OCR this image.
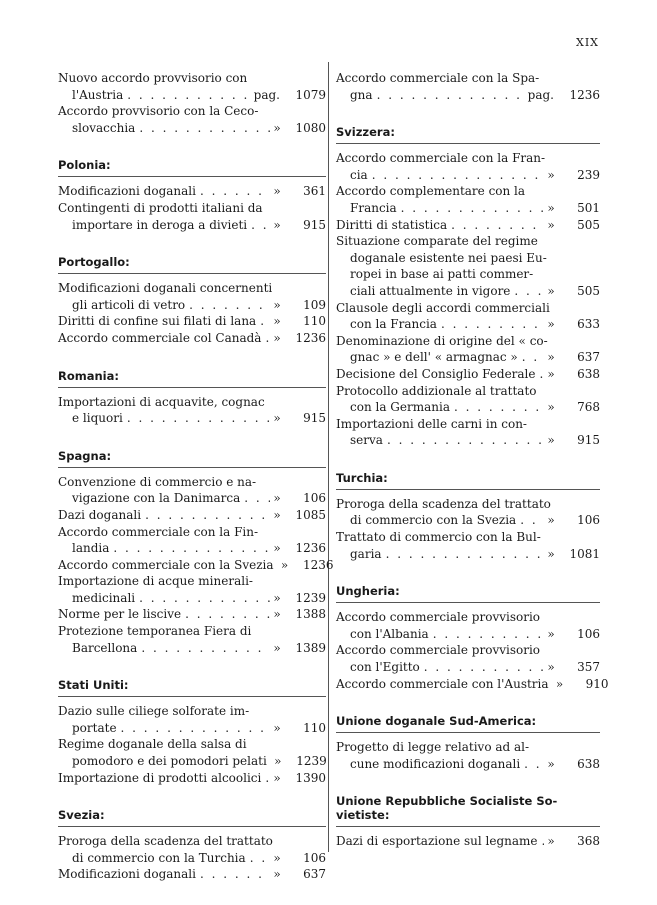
XIX
Nuovo accordo provvisorio con
l'Austria . . .	pag.	1079
Accordo provvisorio con la Ceco-
slovacchia . . .	»	1080
Polonia:
Modificazioni doganali . . .	»	361
Contingenti di prodotti italiani da
importare in deroga a divieti . . . »	915
Portogallo:
Modificazioni doganali concernenti
gli articoli di vetro . . .	»	109
Diritti di confine sui filati di lana . . . »	110
Accordo commerciale col Canadà . . . »	1236
Romania:
Importazioni di acquavite, cognac
e liquori . . .	»	915
Spagna:
Convenzione di commercio e na-
vigazione con la Danimarca . . .	»	106
Dazi doganali . . .	»	1085
Accordo commerciale con la Fin-
landia . . .	»	1236
Accordo commerciale con la Svezia . . . »	1236
Importazione di acque minerali-
medicinali . . .	»	1239
Norme per le liscive . . .	»	1388
Protezione temporanea Fiera di
Barcellona . . .	»	1389
Stati Uniti:
Dazio sulle ciliege solforate im-
portate . . .	»	110
Regime doganale della salsa di
pomodoro e dei pomodori pelati . . . »	1239
Importazione di prodotti alcoolici . . . »	1390
Svezia:
Proroga della scadenza del trattato
di commercio con la Turchia . . . »	106
Modificazioni doganali . . .	»	637
Accordo commerciale con la Spa-
gna . . .	pag.	1236
Svizzera:
Accordo commerciale con la Fran-
cia . . .	»	239
Accordo complementare con la
Francia . . .	»	501
Diritti di statistica . . .	»	505
Situazione comparate del regime
doganale esistente nei paesi Eu-
ropei in base ai patti commer-
ciali attualmente in vigore . . .	»	505
Clausole degli accordi commerciali
con la Francia . . .	»	633
Denominazione di origine del « co-
gnac » e dell' « armagnac » . . . »	637
Decisione del Consiglio Federale . . . »	638
Protocollo addizionale al trattato
con la Germania . . .	»	768
Importazioni delle carni in con-
serva . . .	»	915
Turchia:
Proroga della scadenza del trattato
di commercio con la Svezia . . .	»	106
Trattato di commercio con la Bul-
garia . . .	»	1081
Ungheria:
Accordo commerciale provvisorio
con l'Albania . . .	»	106
Accordo commerciale provvisorio
con l'Egitto . . .	»	357
Accordo commerciale con l'Austria . . . »	910
Unione doganale Sud-America:
Progetto di legge relativo ad al-
cune modificazioni doganali . . . »	638
Unione Repubbliche Socialiste So- vietiste:
Dazi di esportazione sul legname . . . »	368
